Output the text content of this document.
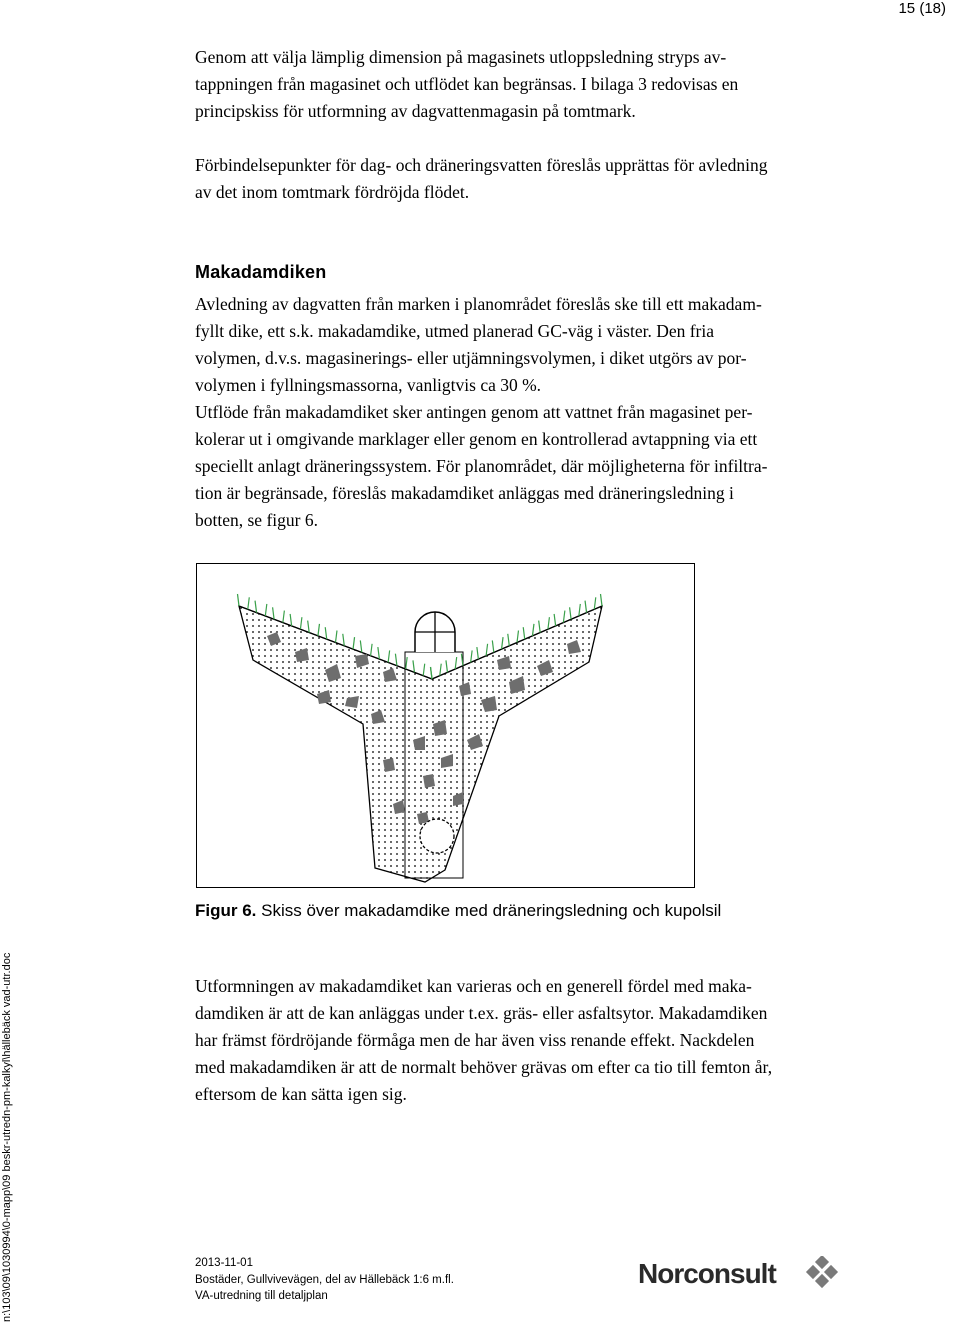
15 (18)

Genom att välja lämplig dimension på magasinets utloppsledning stryps av-
tappningen från magasinet och utflödet kan begränsas. I bilaga 3 redovisas en
principskiss för utformning av dagvattenmagasin på tomtmark.

Förbindelsepunkter för dag- och dräneringsvatten föreslås upprättas för avledning
av det inom tomtmark fördröjda flödet.

Makadamdiken

Avledning av dagvatten från marken i planområdet föreslås ske till ett makadam-
fyllt dike, ett s.k. makadamdike, utmed planerad GC-väg i väster. Den fria
volymen, d.v.s. magasinerings- eller utjämningsvolymen, i diket utgörs av por-
volymen i fyllningsmassorna, vanligtvis ca 30 %.
Utflöde från makadamdiket sker antingen genom att vattnet från magasinet per-
kolerar ut i omgivande marklager eller genom en kontrollerad avtappning via ett
speciellt anlagt dräneringssystem. För planområdet, där möjligheterna för infiltra-
tion är begränsade, föreslås makadamdiket anläggas med dräneringsledning i
botten, se figur 6.

Figur 6. Skiss över makadamdike med dräneringsledning och kupolsil

Utformningen av makadamdiket kan varieras och en generell fördel med maka-
damdiken är att de kan anläggas under t.ex. gräs- eller asfaltsytor. Makadamdiken
har främst fördröjande förmåga men de har även viss renande effekt. Nackdelen
med makadamdiken är att de normalt behöver grävas om efter ca tio till femton år,
eftersom de kan sätta igen sig.

n:\103\09\1030994\0-mapp\09 beskr-utredn-pm-kalkyl\hällebäck vad-utr.doc	2013-11-01
Bostäder, Gullvivevägen, del av Hällebäck 1:6 m.fl.
VA-utredning till detaljplan
Norconsult
